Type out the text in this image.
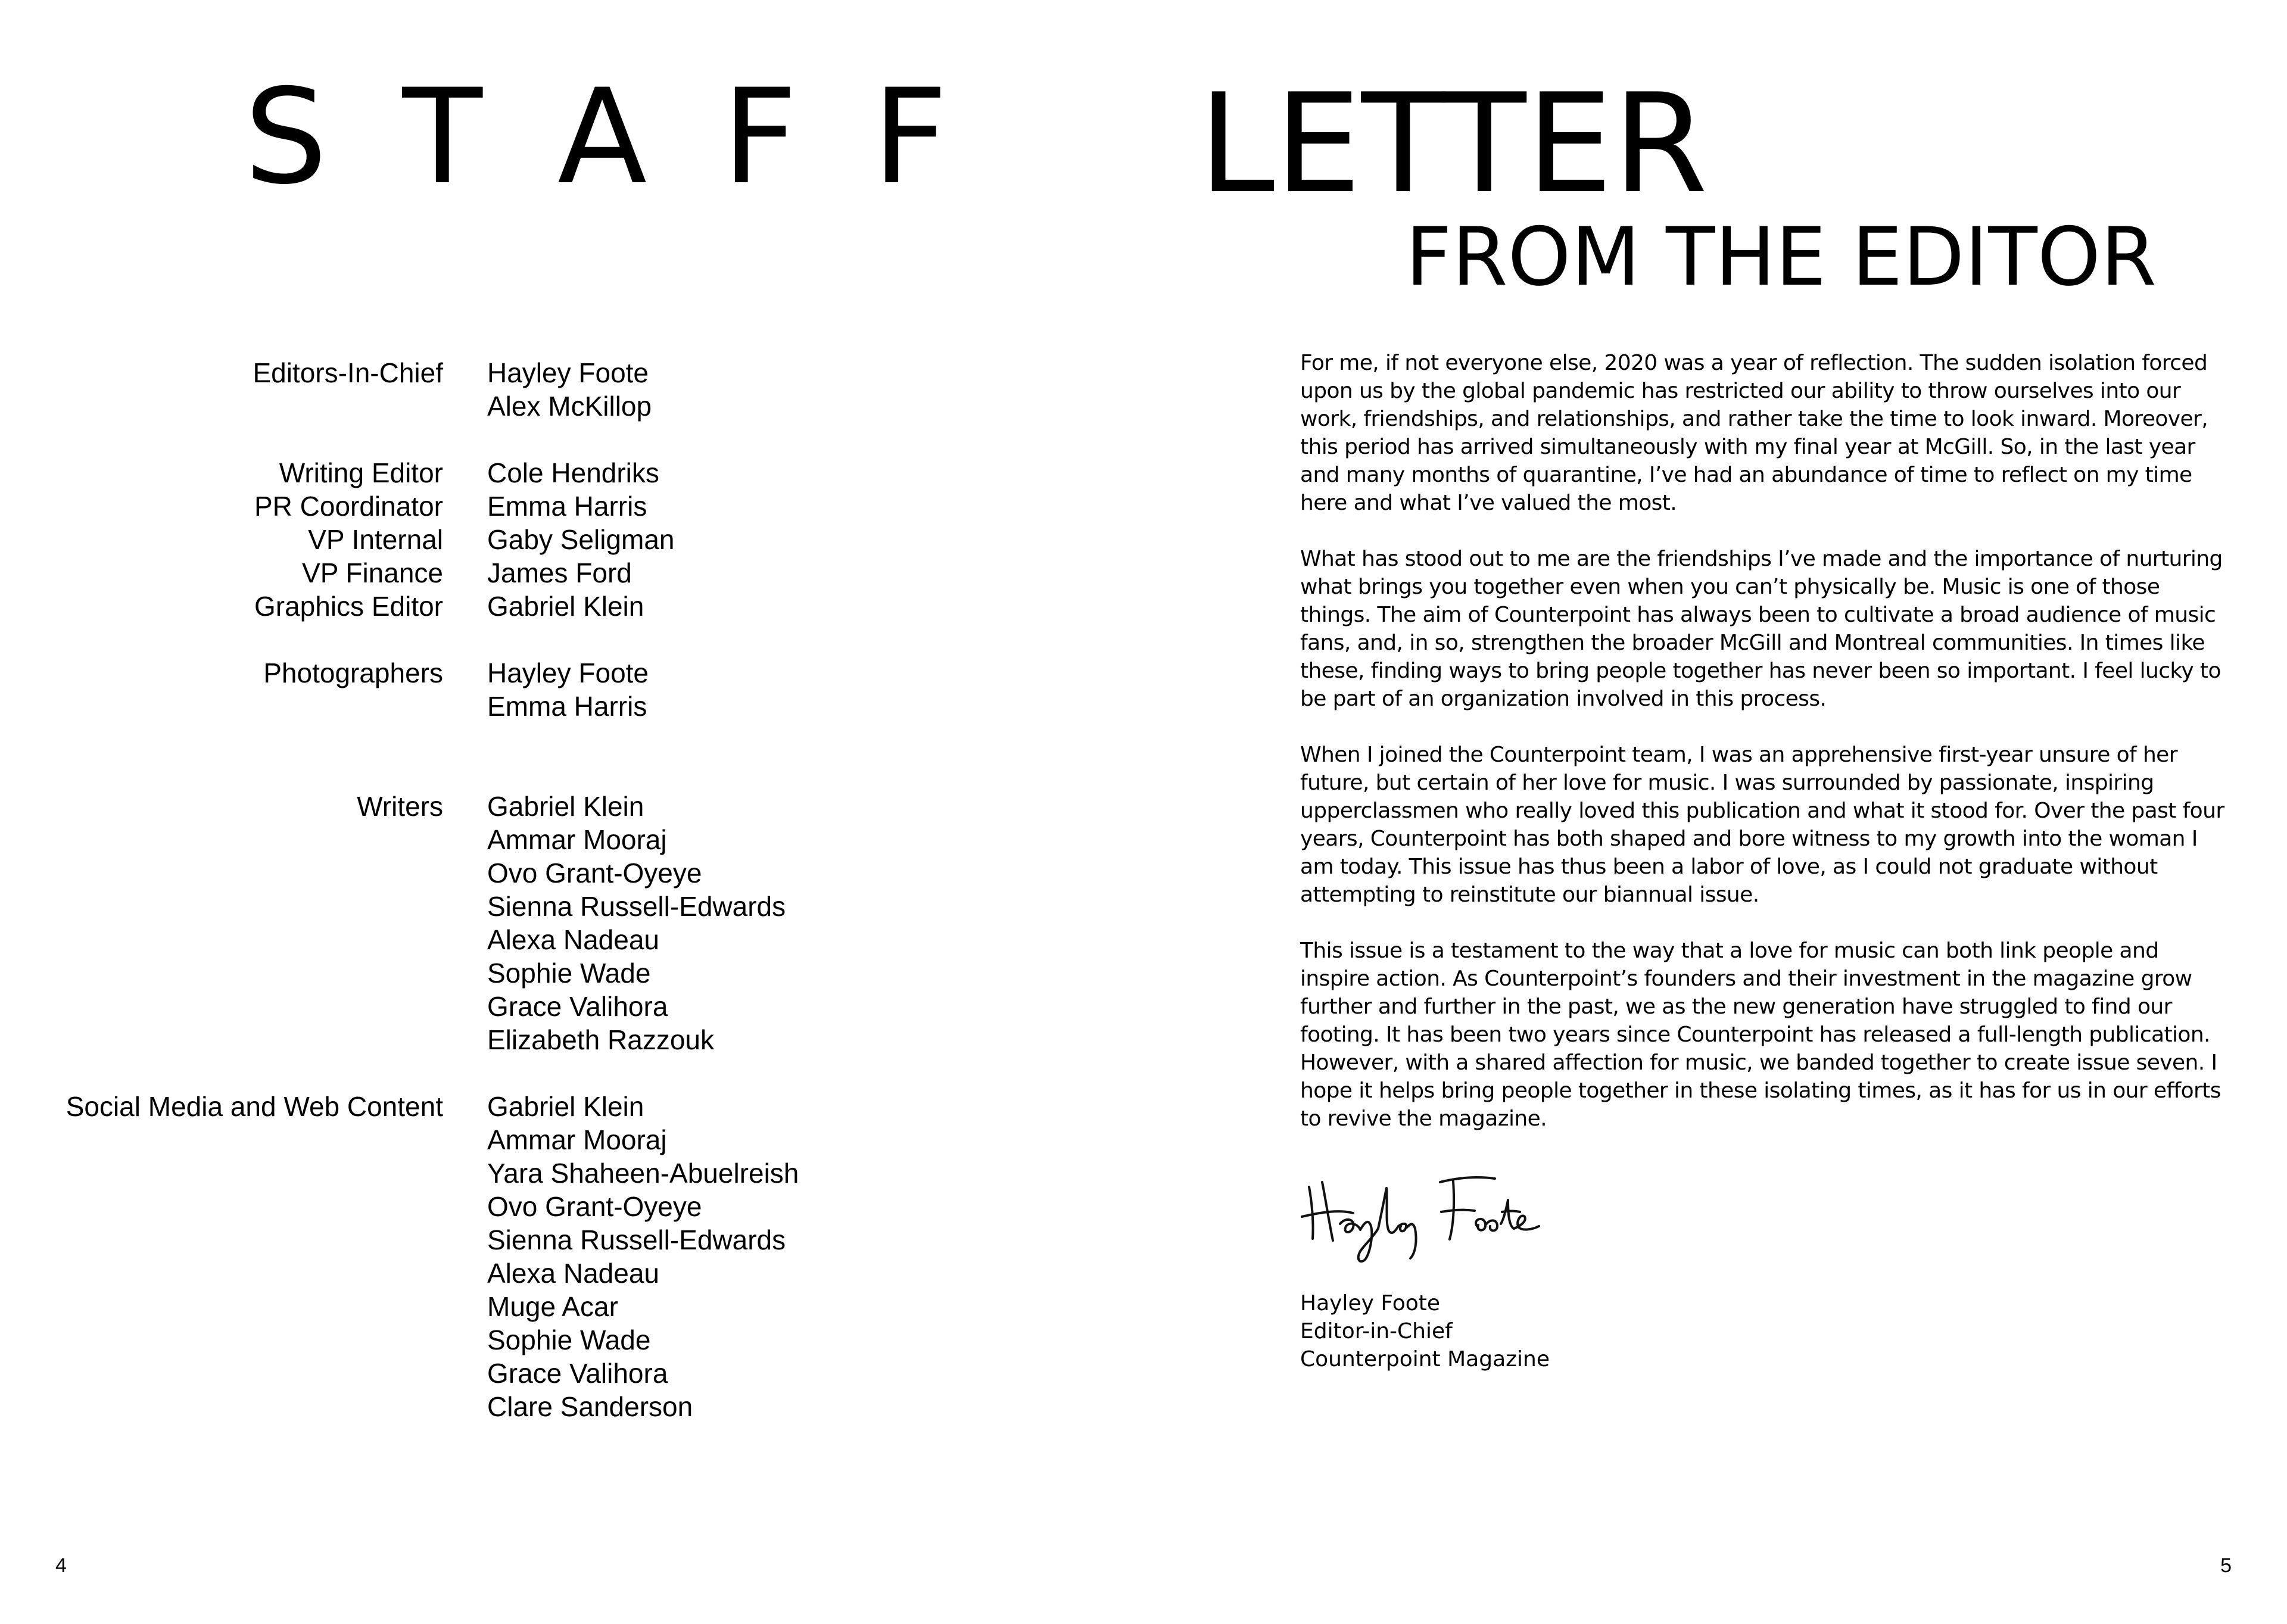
S T A F F
Editors-In-Chief	Hayley Foote
Alex McKillop
Writing Editor	Cole Hendriks
PR Coordinator	Emma Harris
VP Internal	Gaby Seligman
VP Finance	James Ford
Graphics Editor	Gabriel Klein
Photographers	Hayley Foote
Emma Harris
Writers	Gabriel Klein
Ammar Mooraj
Ovo Grant-Oyeye
Sienna Russell-Edwards
Alexa Nadeau
Sophie Wade
Grace Valihora
Elizabeth Razzouk
Social Media and Web Content	Gabriel Klein
Ammar Mooraj
Yara Shaheen-Abuelreish
Ovo Grant-Oyeye
Sienna Russell-Edwards
Alexa Nadeau
Muge Acar
Sophie Wade
Grace Valihora
Clare Sanderson
4
LETTER
FROM THE EDITOR

For me, if not everyone else, 2020 was a year of reflection. The sudden isolation forced upon us by the global pandemic has restricted our ability to throw ourselves into our work, friendships, and relationships, and rather take the time to look inward. Moreover, this period has arrived simultaneously with my final year at McGill. So, in the last year and many months of quarantine, I’ve had an abundance of time to reflect on my time here and what I’ve valued the most.

What has stood out to me are the friendships I’ve made and the importance of nurturing what brings you together even when you can’t physically be. Music is one of those things. The aim of Counterpoint has always been to cultivate a broad audience of music fans, and, in so, strengthen the broader McGill and Montreal communities. In times like these, finding ways to bring people together has never been so important. I feel lucky to be part of an organization involved in this process.

When I joined the Counterpoint team, I was an apprehensive first-year unsure of her future, but certain of her love for music. I was surrounded by passionate, inspiring upperclassmen who really loved this publication and what it stood for. Over the past four years, Counterpoint has both shaped and bore witness to my growth into the woman I am today. This issue has thus been a labor of love, as I could not graduate without attempting to reinstitute our biannual issue.

This issue is a testament to the way that a love for music can both link people and inspire action. As Counterpoint’s founders and their investment in the magazine grow further and further in the past, we as the new generation have struggled to find our footing. It has been two years since Counterpoint has released a full-length publication. However, with a shared affection for music, we banded together to create issue seven. I hope it helps bring people together in these isolating times, as it has for us in our efforts to revive the magazine.

Hayley Foote
Editor-in-Chief
Counterpoint Magazine
5
